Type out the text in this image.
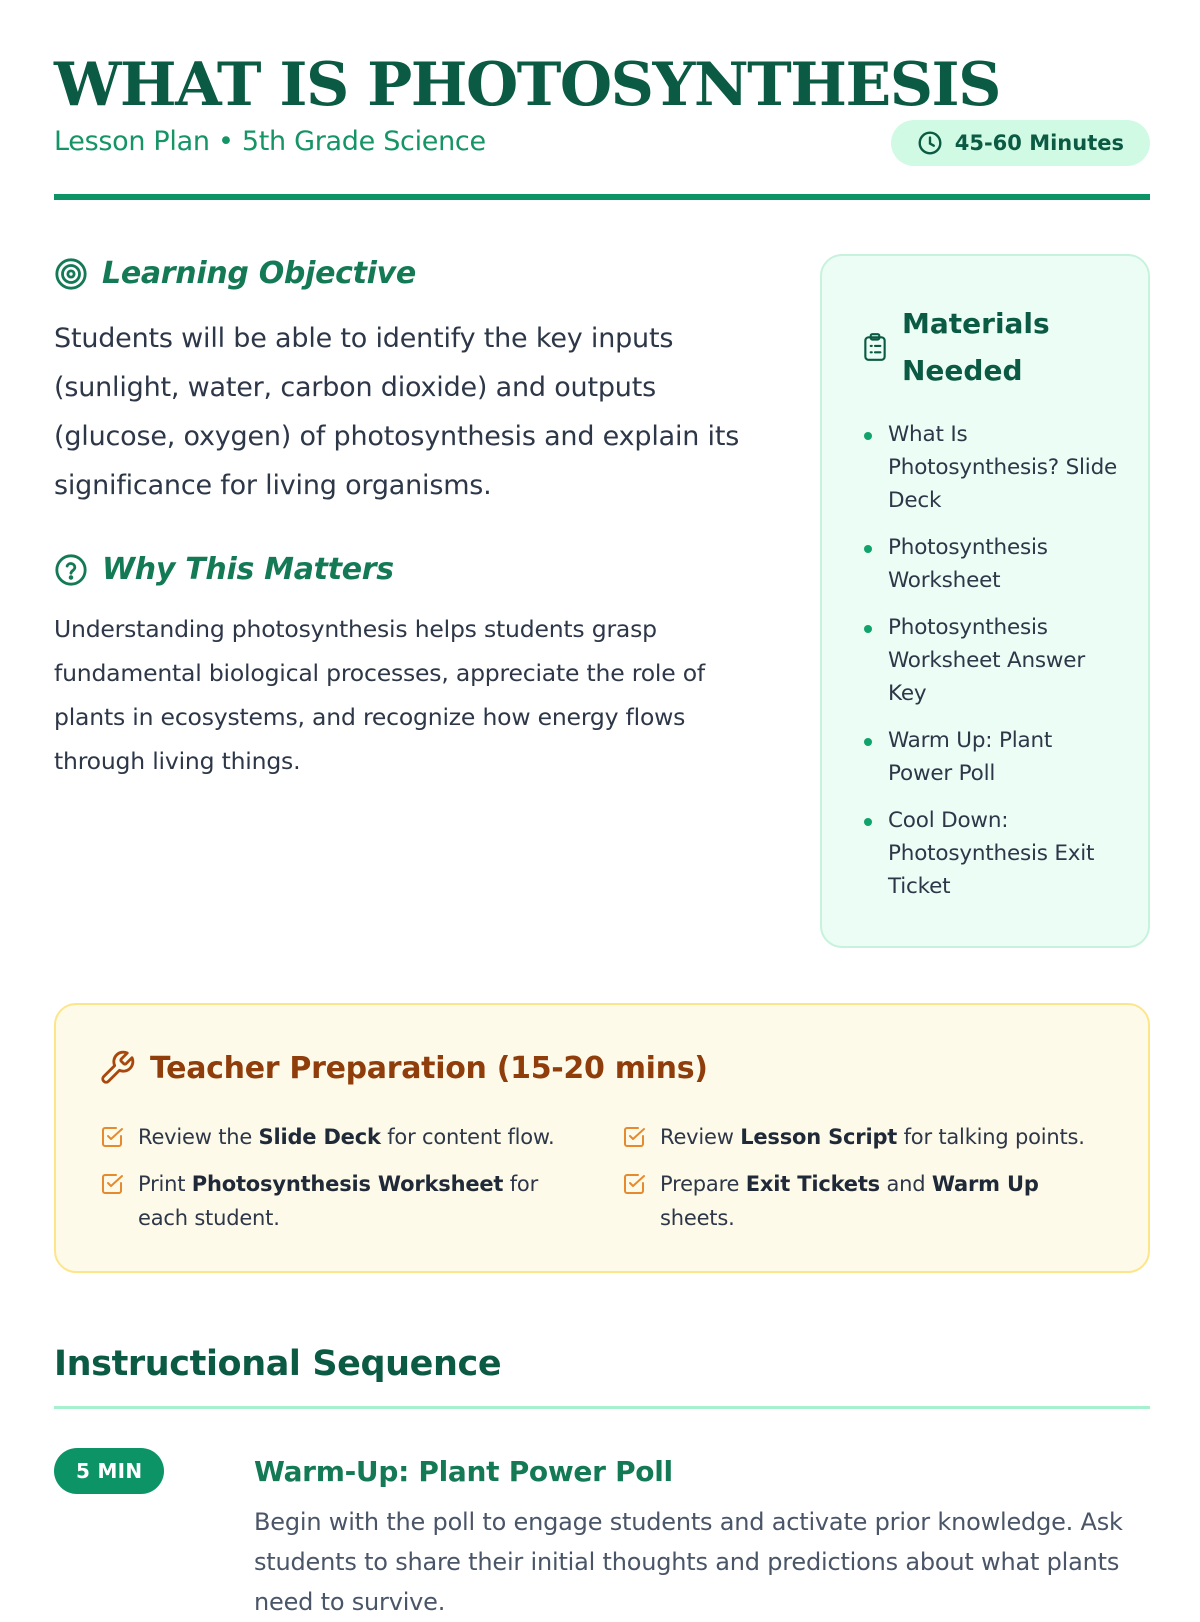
WHAT IS PHOTOSYNTHESIS
Lesson Plan • 5th Grade Science	45-60 Minutes
Learning Objective

Students will be able to identify the key inputs (sunlight, water, carbon dioxide) and outputs (glucose, oxygen) of photosynthesis and explain its significance for living organisms.

Why This Matters

Understanding photosynthesis helps students grasp fundamental biological processes, appreciate the role of plants in ecosystems, and recognize how energy flows through living things.

Materials Needed
What Is Photosynthesis? Slide Deck
Photosynthesis Worksheet
Photosynthesis Worksheet Answer Key
Warm Up: Plant Power Poll
Cool Down: Photosynthesis Exit Ticket
Teacher Preparation (15-20 mins)
Review the Slide Deck for content flow.	Review Lesson Script for talking points.
Print Photosynthesis Worksheet for each student.
Prepare Exit Tickets and Warm Up sheets.
Instructional Sequence
5 MIN	Warm-Up: Plant Power Poll

Begin with the poll to engage students and activate prior knowledge. Ask students to share their initial thoughts and predictions about what plants need to survive.
